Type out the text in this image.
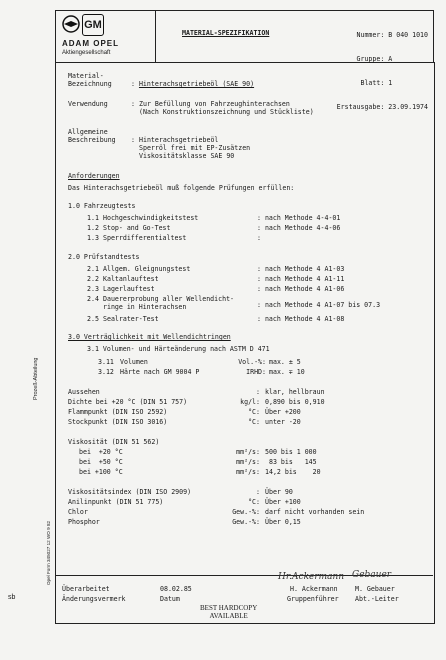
GM
ADAM OPEL
Aktiengesellschaft
MATERIAL-SPEZIFIKATION

	Nummer: B 040 1010

Gruppe: A

Blatt: 1

Erstausgabe: 23.09.1974

Material-
Bezeichnung	: Hinterachsgetriebeöl (SAE 90)
Verwendung	: Zur Befüllung von Fahrzeughinterachsen
(Nach Konstruktionszeichnung und Stückliste)
Allgemeine
Beschreibung : Hinterachsgetriebeöl
Sperröl frei mit EP-Zusätzen
Viskositätsklasse SAE 90
Anforderungen
Das Hinterachsgetriebeöl muß folgende Prüfungen erfüllen:
1.0 Fahrzeugtests
1.1 Hochgeschwindigkeitstest	: nach Methode 4-4-01
1.2 Stop- and Go-Test	: nach Methode 4-4-06
1.3 Sperrdifferentialtest	:
2.0 Prüfstandtests
2.1 Allgem. Gleignungstest	: nach Methode 4 A1-03
2.2 Kaltanlauftest	: nach Methode 4 A1-11
2.3 Lagerlauftest	: nach Methode 4 A1-06
2.4 Dauererprobung aller Wellendicht-
ringe in Hinterachsen	: nach Methode 4 A1-07 bis 07.3
2.5 Sealrater-Test	: nach Methode 4 A1-08
3.0 Verträglichkeit mit Wellendichtringen
3.1 Volumen- und Härteänderung nach ASTM D 471
3.11 Volumen	Vol.-%: max. ± 5
3.12 Härte nach GM 9004 P	IRHD: max. ∓ 10
Aussehen	: klar, hellbraun
Dichte bei +20 °C (DIN 51 757)	kg/l: 0,890 bis 0,910
Flammpunkt (DIN ISO 2592)	°C: Über +200
Stockpunkt (DIN ISO 3016)	°C: unter -20
Viskosität (DIN 51 562)
bei  +20 °C	mm²/s: 500 bis 1 000
bei  +50 °C	mm²/s: 83 bis   145
bei +100 °C	mm²/s: 14,2 bis    20
Viskositätsindex (DIN ISO 2909)	: Über 90
Anilinpunkt (DIN 51 775)	°C: Über +100
Chlor	Gew.-%: darf nicht vorhanden sein
Phosphor	Gew.-%: Über 0,15
Überarbeitet
Änderungsvermerk
08.02.85
Datum
Hr.Ackermann Gebauer
H. Ackermann	M. Gebauer
Gruppenführer Abt.-Leiter
BEST HARDCOPY
AVAILABLE
Prozeß-Abteilung
Opel Form 345027 12 WO 9 82
sb
